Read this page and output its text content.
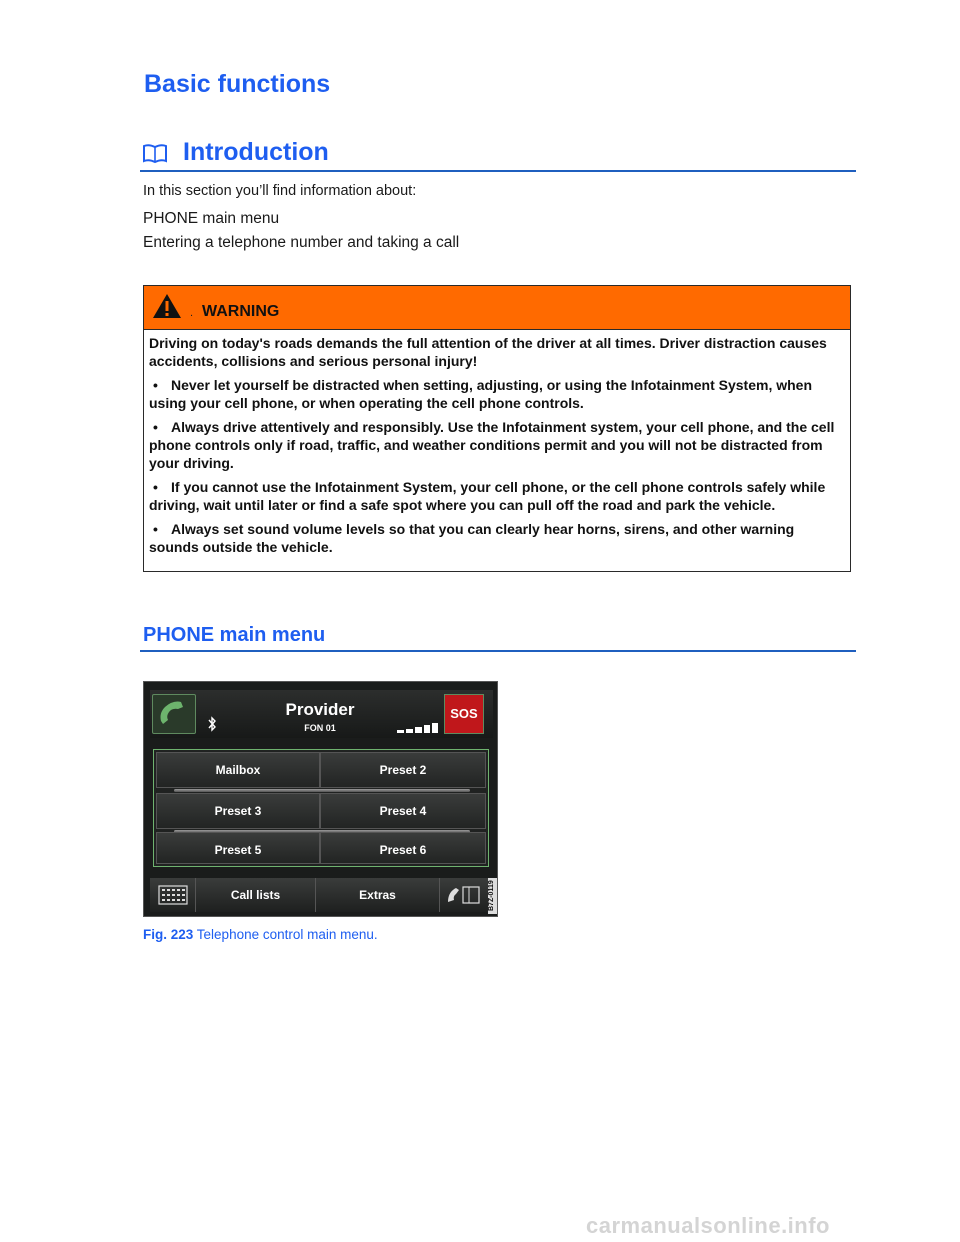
Basic functions
Introduction
In this section you’ll find information about:
PHONE main menu
Entering a telephone number and taking a call
. WARNING

Driving on today's roads demands the full attention of the driver at all times. Driver distraction causes accidents, collisions and serious personal injury!

• Never let yourself be distracted when setting, adjusting, or using the Infotainment System, when using your cell phone, or when operating the cell phone controls.

• Always drive attentively and responsibly. Use the Infotainment system, your cell phone, and the cell phone controls only if road, traffic, and weather conditions permit and you will not be distracted from your driving.

• If you cannot use the Infotainment System, your cell phone, or the cell phone controls safely while driving, wait until later or find a safe spot where you can pull off the road and park the vehicle.

• Always set sound volume levels so that you can clearly hear horns, sirens, and other warning sounds outside the vehicle.

PHONE main menu
Provider
FON 01
SOS
Mailbox	Preset 2
Preset 3	Preset 4
Preset 5	Preset 6
Call lists	Extras	B7Z-0119
Fig. 223 Telephone control main menu.
carmanualsonline.info
